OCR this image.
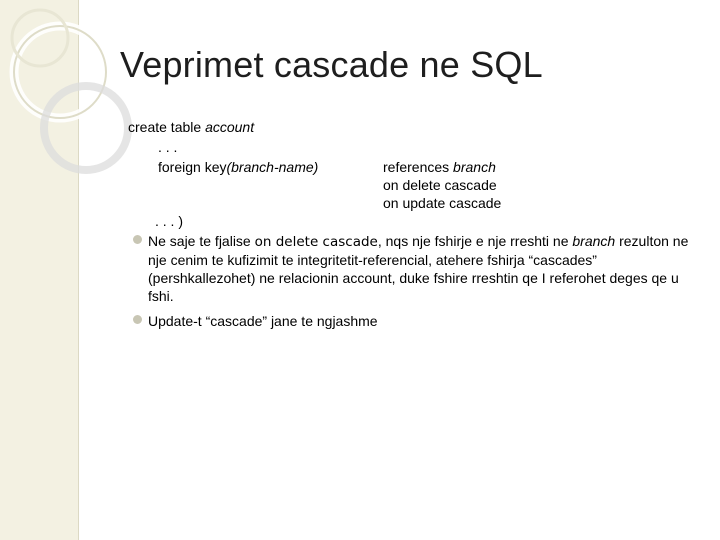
Veprimet cascade ne SQL
create table account
. . .
foreign key(branch-name)	references branch
on delete cascade
on update cascade
. . . )
Ne saje te fjalise on delete cascade, nqs nje fshirje e nje rreshti ne branch rezulton ne nje cenim te kufizimit te integritetit-referencial, atehere fshirja “cascades” (pershkallezohet) ne relacionin account, duke fshire rreshtin qe I referohet deges qe u fshi.
Update-t “cascade” jane te ngjashme
